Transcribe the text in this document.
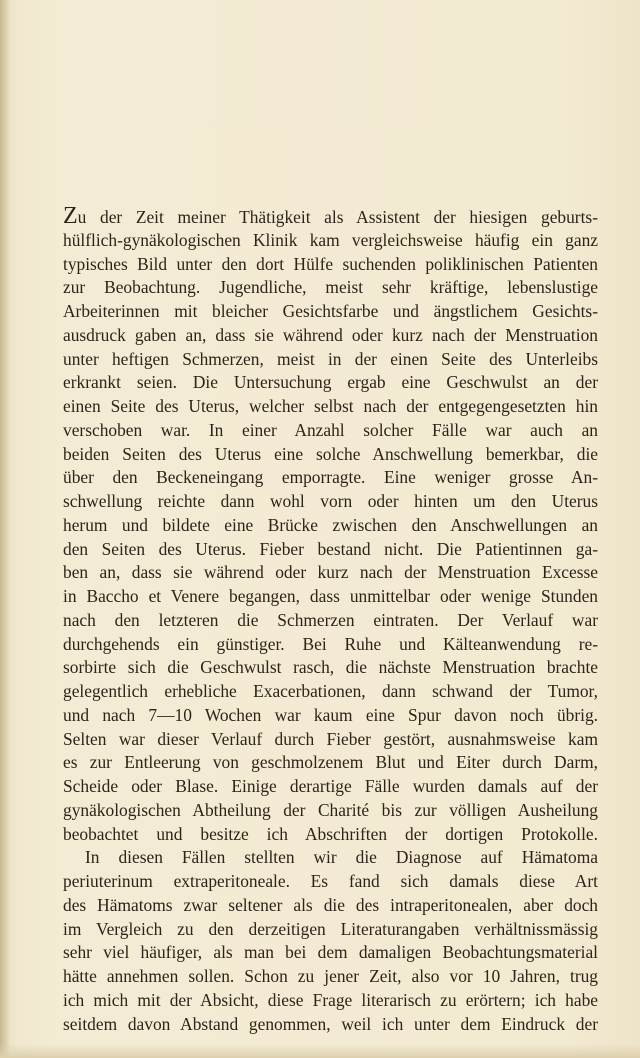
Zu der Zeit meiner Thätigkeit als Assistent der hiesigen geburts-
hülflich-gynäkologischen Klinik kam vergleichsweise häufig ein ganz
typisches Bild unter den dort Hülfe suchenden poliklinischen Patienten
zur Beobachtung. Jugendliche, meist sehr kräftige, lebenslustige
Arbeiterinnen mit bleicher Gesichtsfarbe und ängstlichem Gesichts-
ausdruck gaben an, dass sie während oder kurz nach der Menstruation
unter heftigen Schmerzen, meist in der einen Seite des Unterleibs
erkrankt seien. Die Untersuchung ergab eine Geschwulst an der
einen Seite des Uterus, welcher selbst nach der entgegengesetzten hin
verschoben war. In einer Anzahl solcher Fälle war auch an
beiden Seiten des Uterus eine solche Anschwellung bemerkbar, die
über den Beckeneingang emporragte. Eine weniger grosse An-
schwellung reichte dann wohl vorn oder hinten um den Uterus
herum und bildete eine Brücke zwischen den Anschwellungen an
den Seiten des Uterus. Fieber bestand nicht. Die Patientinnen ga-
ben an, dass sie während oder kurz nach der Menstruation Excesse
in Baccho et Venere begangen, dass unmittelbar oder wenige Stunden
nach den letzteren die Schmerzen eintraten. Der Verlauf war
durchgehends ein günstiger. Bei Ruhe und Kälteanwendung re-
sorbirte sich die Geschwulst rasch, die nächste Menstruation brachte
gelegentlich erhebliche Exacerbationen, dann schwand der Tumor,
und nach 7—10 Wochen war kaum eine Spur davon noch übrig.
Selten war dieser Verlauf durch Fieber gestört, ausnahmsweise kam
es zur Entleerung von geschmolzenem Blut und Eiter durch Darm,
Scheide oder Blase. Einige derartige Fälle wurden damals auf der
gynäkologischen Abtheilung der Charité bis zur völligen Ausheilung
beobachtet und besitze ich Abschriften der dortigen Protokolle.
In diesen Fällen stellten wir die Diagnose auf Hämatoma
periuterinum extraperitoneale. Es fand sich damals diese Art
des Hämatoms zwar seltener als die des intraperitonealen, aber doch
im Vergleich zu den derzeitigen Literaturangaben verhältnissmässig
sehr viel häufiger, als man bei dem damaligen Beobachtungsmaterial
hätte annehmen sollen. Schon zu jener Zeit, also vor 10 Jahren, trug
ich mich mit der Absicht, diese Frage literarisch zu erörtern; ich habe
seitdem davon Abstand genommen, weil ich unter dem Eindruck der
